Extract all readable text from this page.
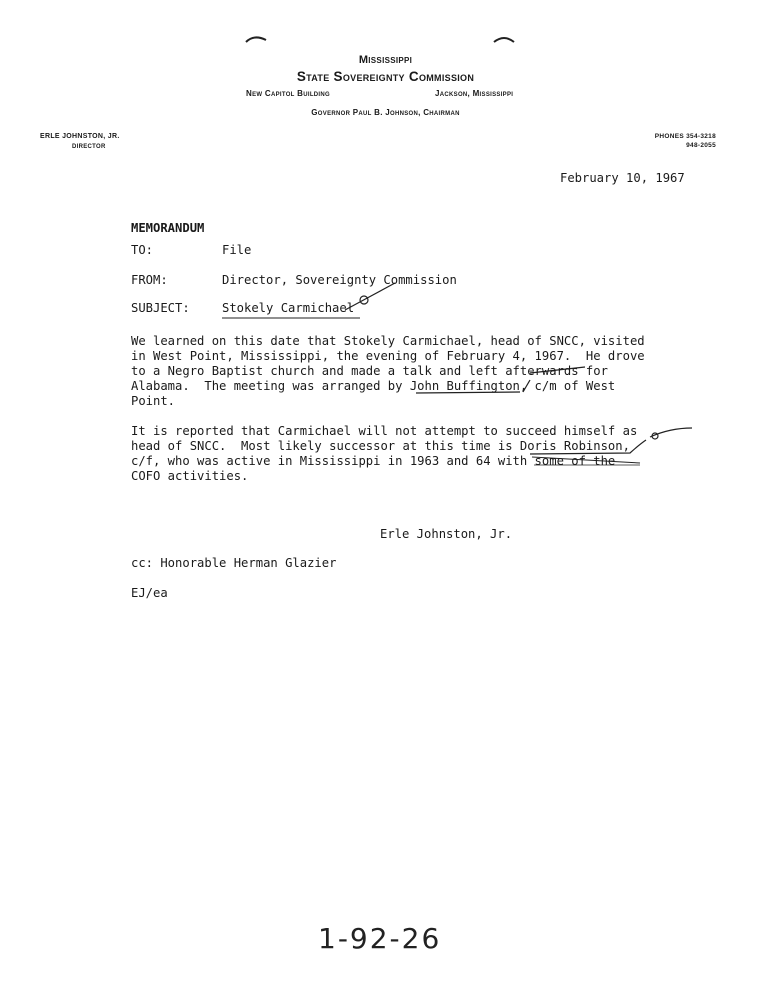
Mississippi
State Sovereignty Commission
New Capitol Building	Jackson, Mississippi
Governor Paul B. Johnson, Chairman
ERLE JOHNSTON, JR.
DIRECTOR
PHONES 354-3218
948-2055
February 10, 1967
MEMORANDUM
TO:	File
FROM:	Director, Sovereignty Commission
SUBJECT:	Stokely Carmichael
We learned on this date that Stokely Carmichael, head of SNCC, visited
in West Point, Mississippi, the evening of February 4, 1967.  He drove
to a Negro Baptist church and made a talk and left afterwards for
Alabama.  The meeting was arranged by John Buffington, c/m of West
Point.
It is reported that Carmichael will not attempt to succeed himself as
head of SNCC.  Most likely successor at this time is Doris Robinson,
c/f, who was active in Mississippi in 1963 and 64 with some of the
COFO activities.
Erle Johnston, Jr.
cc: Honorable Herman Glazier
EJ/ea
1-92-26
